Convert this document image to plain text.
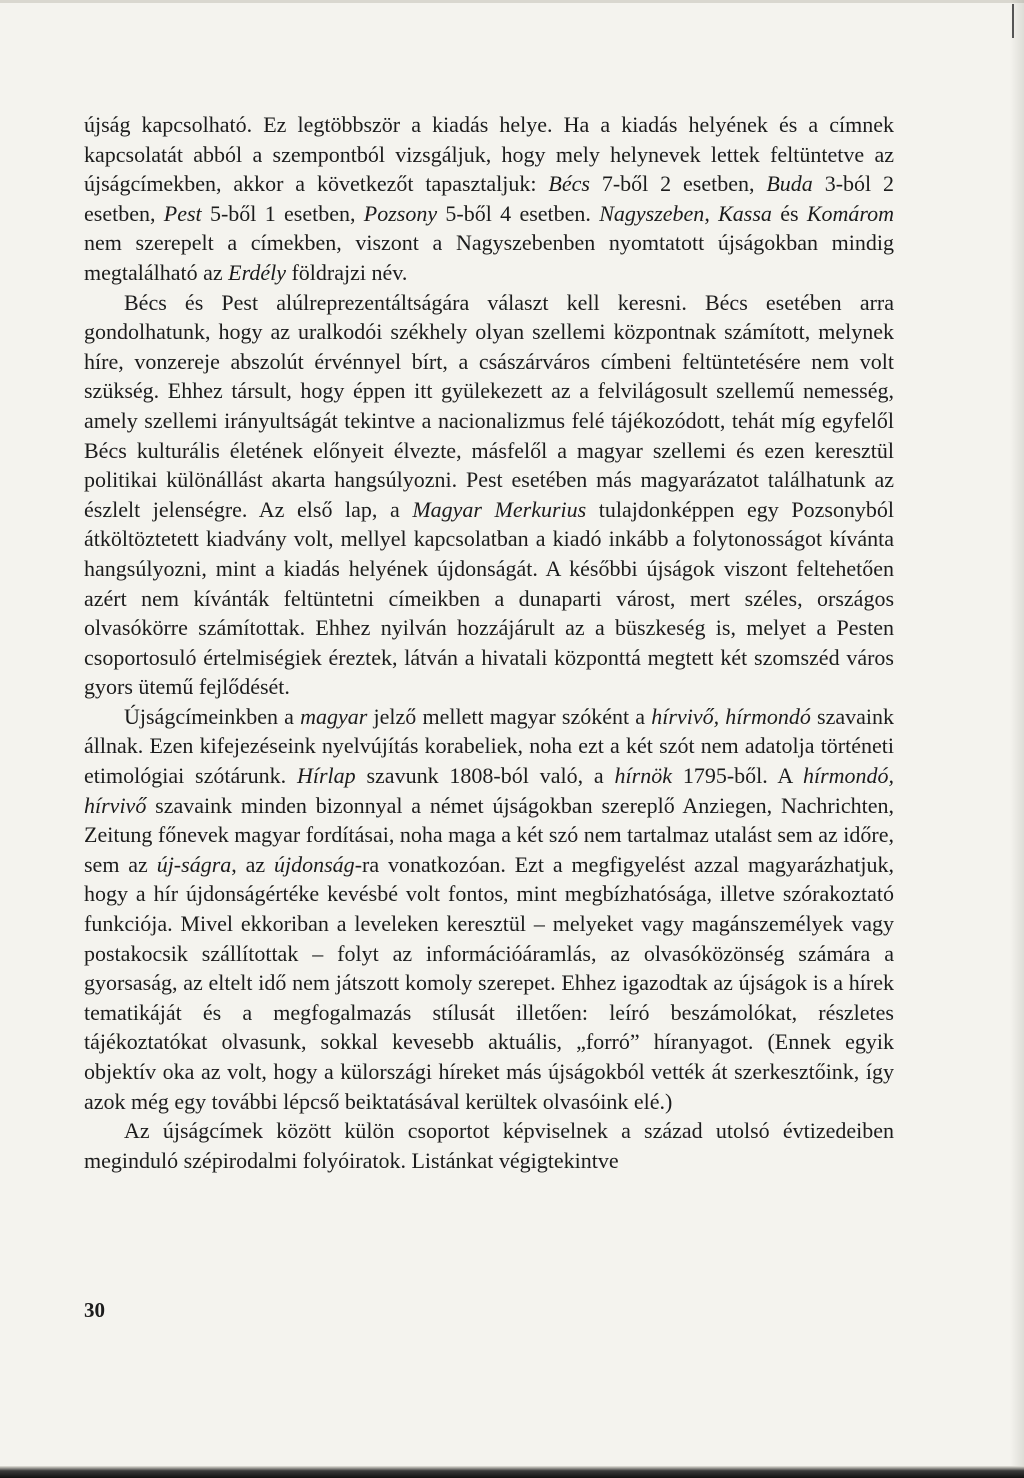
újság kapcsolható. Ez legtöbbször a kiadás helye. Ha a kiadás helyének és a címnek kapcsolatát abból a szempontból vizsgáljuk, hogy mely helynevek lettek feltüntetve az újságcímekben, akkor a következőt tapasztaljuk: Bécs 7-ből 2 esetben, Buda 3-ból 2 esetben, Pest 5-ből 1 esetben, Pozsony 5-ből 4 esetben. Nagyszeben, Kassa és Komárom nem szerepelt a címekben, viszont a Nagyszebenben nyomtatott újságokban mindig megtalálható az Erdély földrajzi név.

Bécs és Pest alúlreprezentáltságára választ kell keresni. Bécs esetében arra gondolhatunk, hogy az uralkodói székhely olyan szellemi központnak számított, melynek híre, vonzereje abszolút érvénnyel bírt, a császárváros címbeni feltüntetésére nem volt szükség. Ehhez társult, hogy éppen itt gyülekezett az a felvilágosult szellemű nemesség, amely szellemi irányultságát tekintve a nacionalizmus felé tájékozódott, tehát míg egyfelől Bécs kulturális életének előnyeit élvezte, másfelől a magyar szellemi és ezen keresztül politikai különállást akarta hangsúlyozni. Pest esetében más magyarázatot találhatunk az észlelt jelenségre. Az első lap, a Magyar Merkurius tulajdonképpen egy Pozsonyból átköltöztetett kiadvány volt, mellyel kapcsolatban a kiadó inkább a folytonosságot kívánta hangsúlyozni, mint a kiadás helyének újdonságát. A későbbi újságok viszont feltehetően azért nem kívánták feltüntetni címeikben a dunaparti várost, mert széles, országos olvasókörre számítottak. Ehhez nyilván hozzájárult az a büszkeség is, melyet a Pesten csoportosuló értelmiségiek éreztek, látván a hivatali központtá megtett két szomszéd város gyors ütemű fejlődését.

Újságcímeinkben a magyar jelző mellett magyar szóként a hírvivő, hírmondó szavaink állnak. Ezen kifejezéseink nyelvújítás korabeliek, noha ezt a két szót nem adatolja történeti etimológiai szótárunk. Hírlap szavunk 1808-ból való, a hírnök 1795-ből. A hírmondó, hírvivő szavaink minden bizonnyal a német újságokban szereplő Anziegen, Nachrichten, Zeitung főnevek magyar fordításai, noha maga a két szó nem tartalmaz utalást sem az időre, sem az új-ságra, az újdonság-ra vonatkozóan. Ezt a megfigyelést azzal magyarázhatjuk, hogy a hír újdonságértéke kevésbé volt fontos, mint megbízhatósága, illetve szórakoztató funkciója. Mivel ekkoriban a leveleken keresztül – melyeket vagy magánszemélyek vagy postakocsik szállítottak – folyt az információáramlás, az olvasóközönség számára a gyorsaság, az eltelt idő nem játszott komoly szerepet. Ehhez igazodtak az újságok is a hírek tematikáját és a megfogalmazás stílusát illetően: leíró beszámolókat, részletes tájékoztatókat olvasunk, sokkal kevesebb aktuális, „forró” híranyagot. (Ennek egyik objektív oka az volt, hogy a külországi híreket más újságokból vették át szerkesztőink, így azok még egy további lépcső beiktatásával kerültek olvasóink elé.)

Az újságcímek között külön csoportot képviselnek a század utolsó évtizedeiben meginduló szépirodalmi folyóiratok. Listánkat végigtekintve

30
